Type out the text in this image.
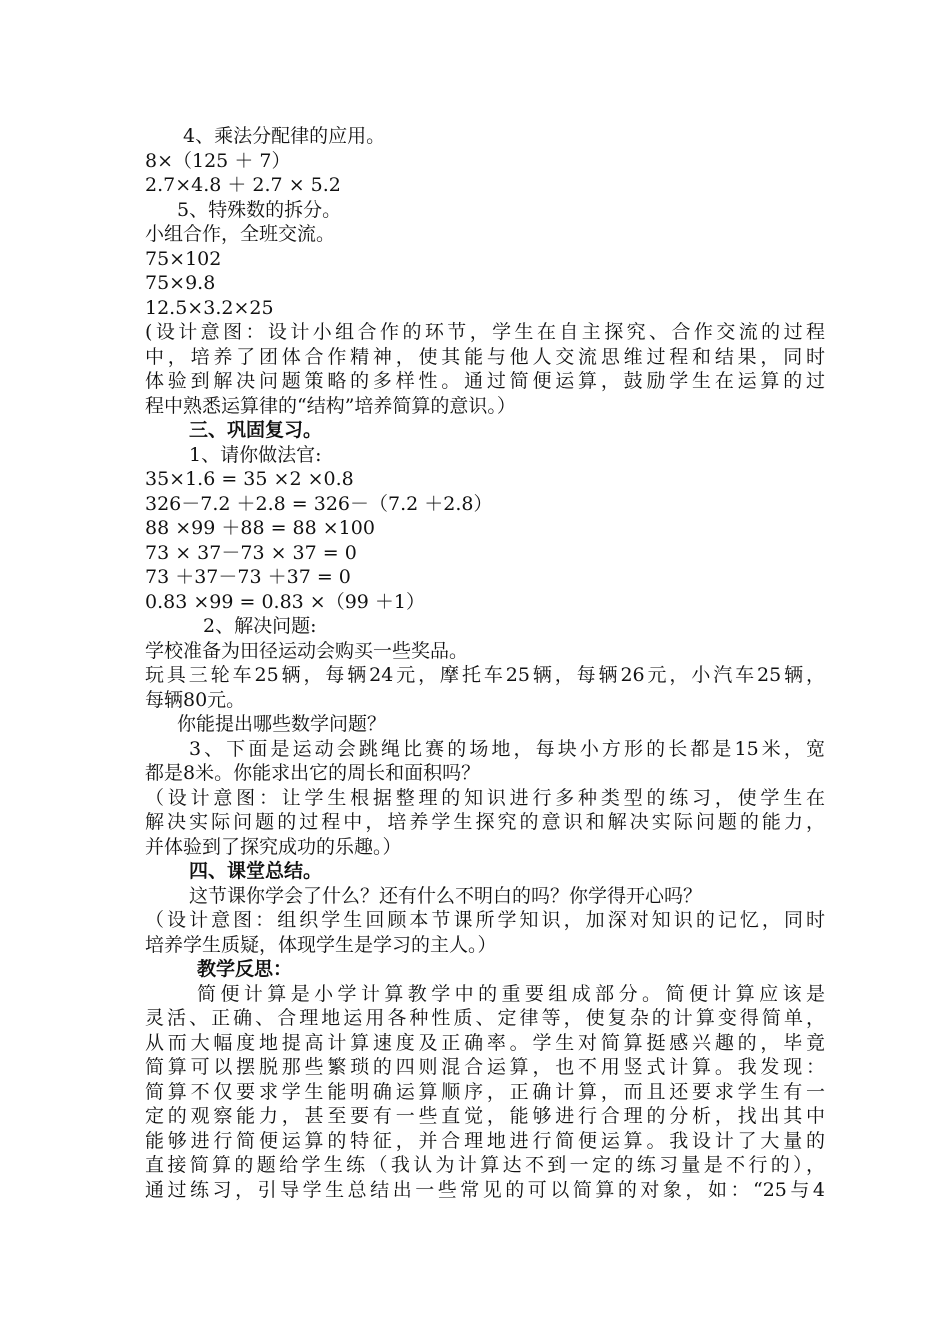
4、乘法分配律的应用。
8×（125 ＋ 7）
2.7×4.8 ＋ 2.7 × 5.2
5、特殊数的拆分。
小组合作，全班交流。
75×102
75×9.8
12.5×3.2×25
(设计意图：设计小组合作的环节，学生在自主探究、合作交流的过程
中，培养了团体合作精神，使其能与他人交流思维过程和结果，同时
体验到解决问题策略的多样性。通过简便运算，鼓励学生在运算的过
程中熟悉运算律的“结构”培养简算的意识。）
三、巩固复习。
1、请你做法官:
35×1.6 = 35 ×2 ×0.8
326－7.2 ＋2.8 = 326－（7.2 ＋2.8）
88 ×99 ＋88 = 88 ×100
73 × 37－73 × 37 = 0
73 ＋37－73 ＋37 = 0
0.83 ×99 = 0.83 ×（99 ＋1）
2、解决问题:
学校准备为田径运动会购买一些奖品。
玩具三轮车25辆，每辆24元，摩托车25辆，每辆26元，小汽车25辆，
每辆80元。
你能提出哪些数学问题？
3、下面是运动会跳绳比赛的场地，每块小方形的长都是15米，宽
都是8米。你能求出它的周长和面积吗？
（设计意图：让学生根据整理的知识进行多种类型的练习，使学生在
解决实际问题的过程中，培养学生探究的意识和解决实际问题的能力，
并体验到了探究成功的乐趣。）
四、课堂总结。
这节课你学会了什么？还有什么不明白的吗？你学得开心吗？
（设计意图：组织学生回顾本节课所学知识，加深对知识的记忆，同时
培养学生质疑，体现学生是学习的主人。）
教学反思：
简便计算是小学计算教学中的重要组成部分。简便计算应该是
灵活、正确、合理地运用各种性质、定律等，使复杂的计算变得简单，
从而大幅度地提高计算速度及正确率。学生对简算挺感兴趣的，毕竟
简算可以摆脱那些繁琐的四则混合运算，也不用竖式计算。我发现：
简算不仅要求学生能明确运算顺序，正确计算，而且还要求学生有一
定的观察能力，甚至要有一些直觉，能够进行合理的分析，找出其中
能够进行简便运算的特征，并合理地进行简便运算。我设计了大量的
直接简算的题给学生练（我认为计算达不到一定的练习量是不行的），
通过练习，引导学生总结出一些常见的可以简算的对象，如：“25与4
